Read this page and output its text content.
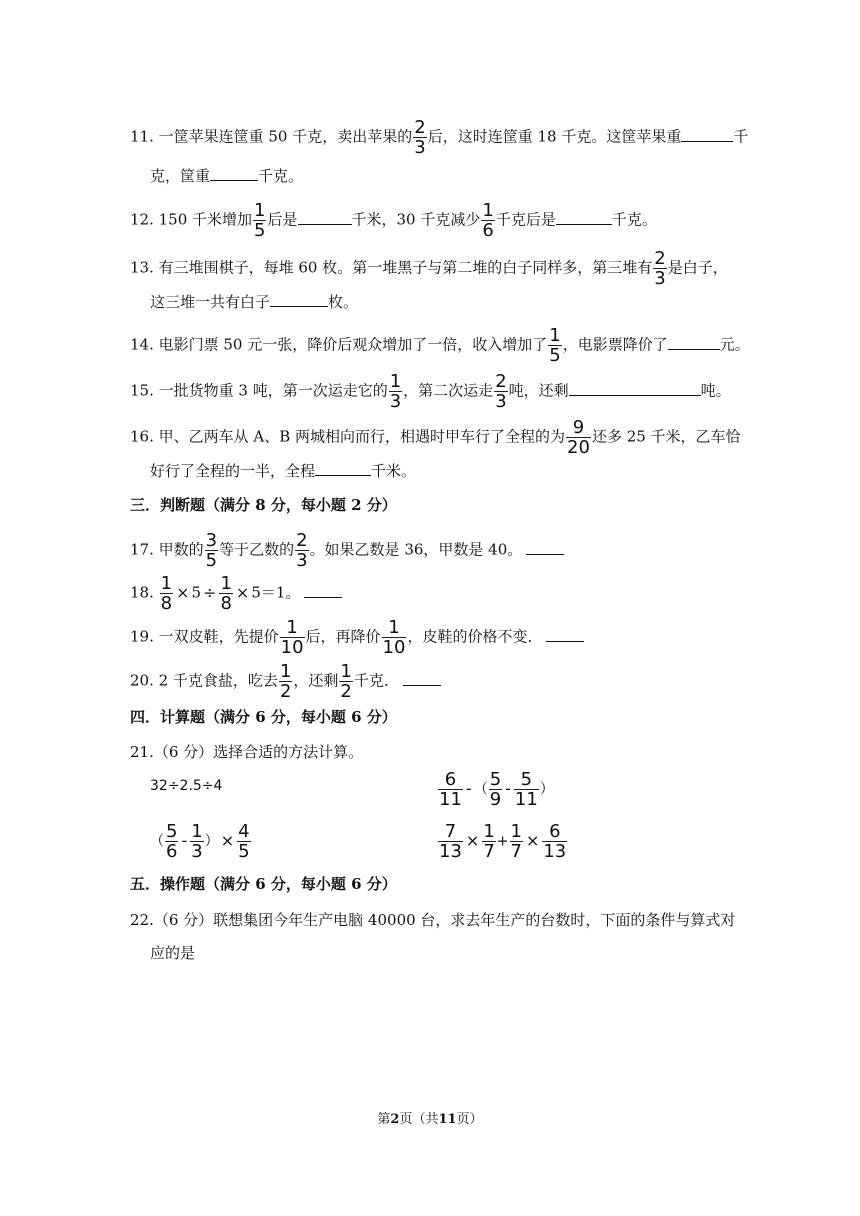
11. 一筐苹果连筐重 50 千克，卖出苹果的 $\frac{2}{3}$ 后，这时连筐重 18 千克。这筐苹果重	千
克，筐重	千克。
12. 150 千米增加 $\frac{1}{5}$ 后是	千米，30 千克减少 $\frac{1}{6}$ 千克后是	千克。
13. 有三堆围棋子，每堆 60 枚。第一堆黑子与第二堆的白子同样多，第三堆有 $\frac{2}{3}$ 是白子，
这三堆一共有白子	枚。
14. 电影门票 50 元一张，降价后观众增加了一倍，收入增加了 $\frac{1}{5}$ ，电影票降价了	元。
15. 一批货物重 3 吨，第一次运走它的 $\frac{1}{3}$ ，第二次运走 $\frac{2}{3}$ 吨，还剩	吨。
16. 甲、乙两车从 A、B 两城相向而行，相遇时甲车行了全程的为 $\frac{9}{20}$ 还多 25 千米，乙车恰
好行了全程的一半，全程	千米。
三．判断题（满分 8 分，每小题 2 分）
17. 甲数的 $\frac{3}{5}$ 等于乙数的 $\frac{2}{3}$ 。如果乙数是 36，甲数是 40。
18. $\frac{1}{8} \times 5 \div \frac{1}{8} \times 5=1$。
19. 一双皮鞋，先提价 $\frac{1}{10}$ 后，再降价 $\frac{1}{10}$ ，皮鞋的价格不变．
20. 2 千克食盐，吃去 $\frac{1}{2}$ ，还剩 $\frac{1}{2}$ 千克．
四．计算题（满分 6 分，每小题 6 分）
21.（6 分）选择合适的方法计算。
32÷2.5÷4	$\frac{6}{11}$ - （ $\frac{5}{9} - \frac{5}{11}$ ）
（ $\frac{5}{6} - \frac{1}{3}$ ） × $\frac{4}{5}$	$\frac{7}{13} \times \frac{1}{7} + \frac{1}{7} \times \frac{6}{13}$
五．操作题（满分 6 分，每小题 6 分）
22.（6 分）联想集团今年生产电脑 40000 台，求去年生产的台数时，下面的条件与算式对
应的是
第2页（共11页）
